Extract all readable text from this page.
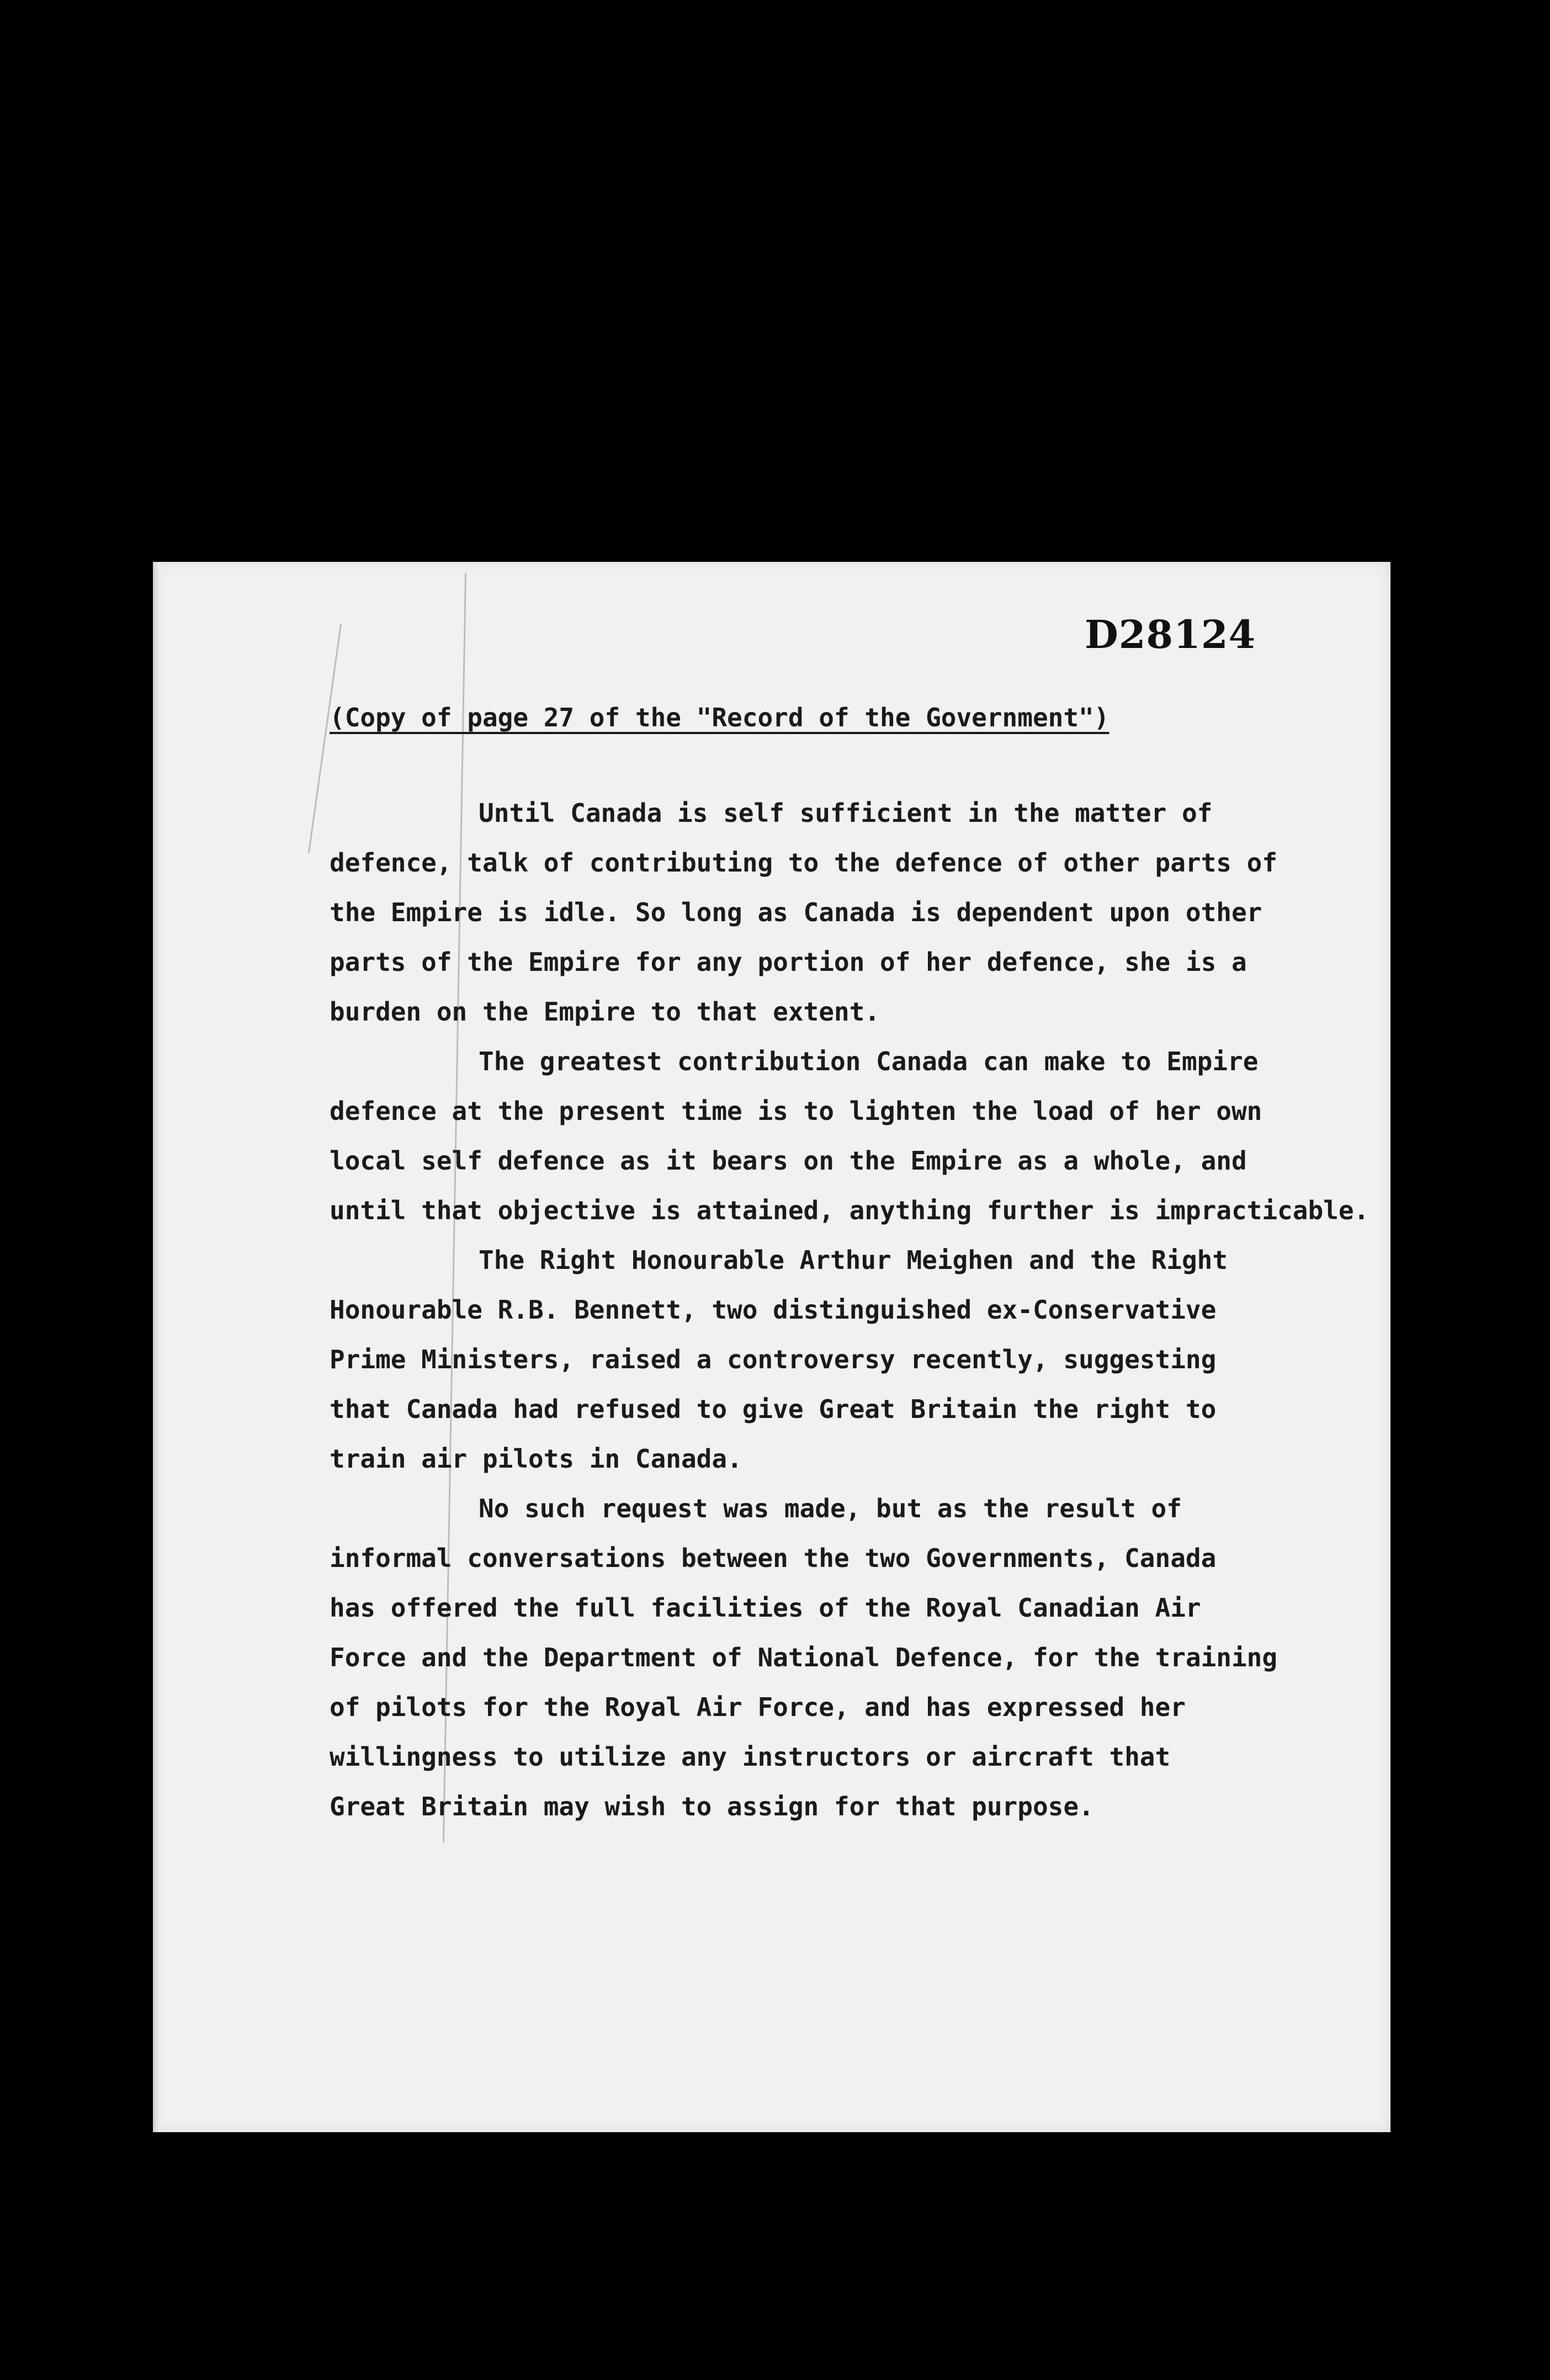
D28124
(Copy of page 27 of the "Record of the Government")
Until Canada is self sufficient in the matter of
defence, talk of contributing to the defence of other parts of
the Empire is idle. So long as Canada is dependent upon other
parts of the Empire for any portion of her defence, she is a
burden on the Empire to that extent.
The greatest contribution Canada can make to Empire
defence at the present time is to lighten the load of her own
local self defence as it bears on the Empire as a whole, and
until that objective is attained, anything further is impracticable.
The Right Honourable Arthur Meighen and the Right
Honourable R.B. Bennett, two distinguished ex-Conservative
Prime Ministers, raised a controversy recently, suggesting
that Canada had refused to give Great Britain the right to
train air pilots in Canada.
No such request was made, but as the result of
informal conversations between the two Governments, Canada
has offered the full facilities of the Royal Canadian Air
Force and the Department of National Defence, for the training
of pilots for the Royal Air Force, and has expressed her
willingness to utilize any instructors or aircraft that
Great Britain may wish to assign for that purpose.
